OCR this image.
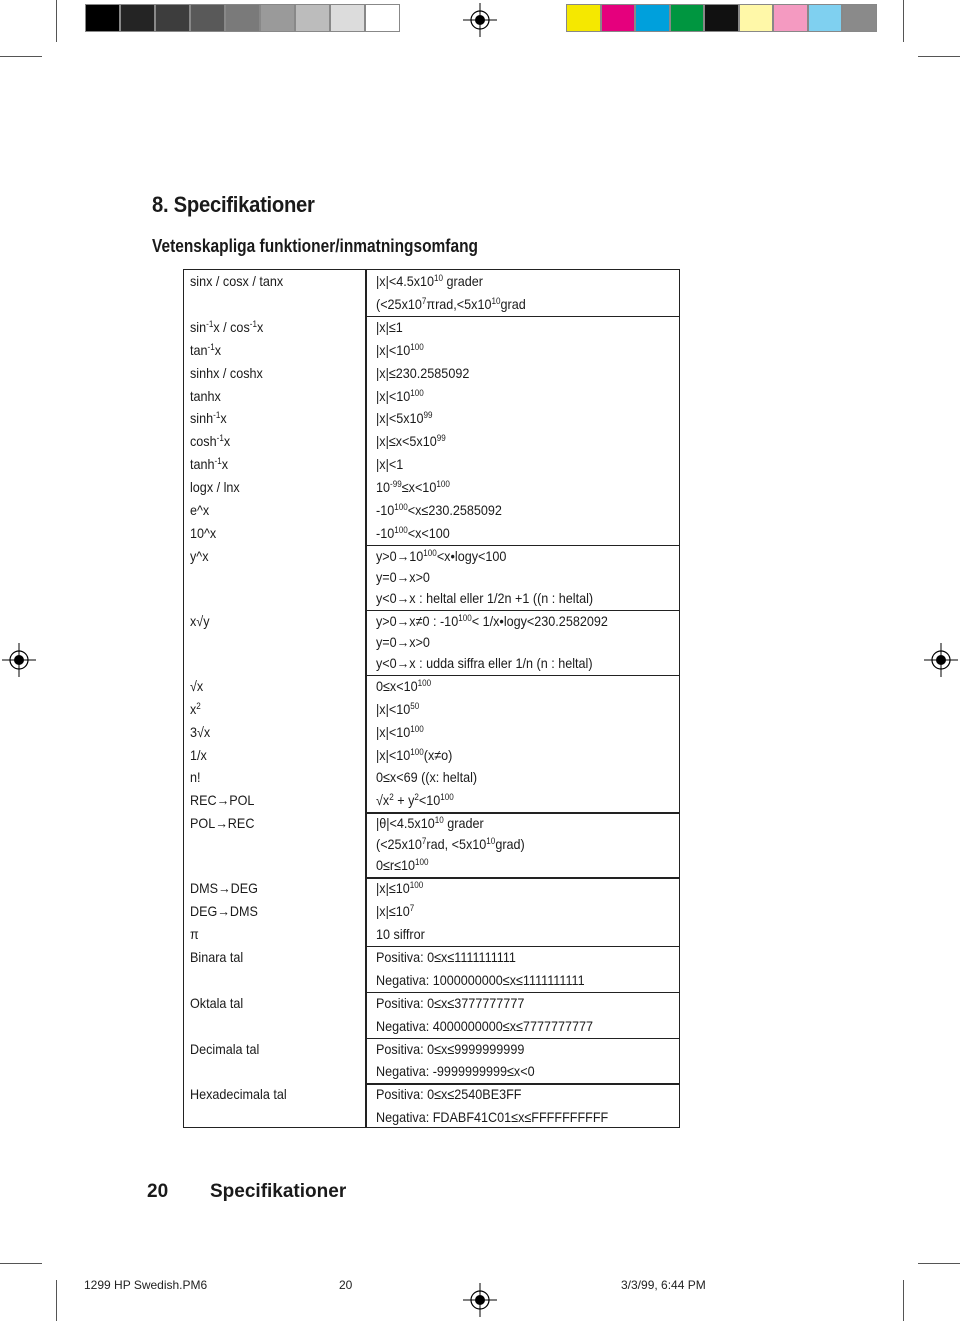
8. Specifikationer
Vetenskapliga funktioner/inmatningsomfang
sinx / cosx / tanx	$|x|<4.5x10^{10}$ grader
($<25x10^7\pi rad,<5x10^{10}grad$
$\sin^{-1}x / \cos^{-1}x$	|x|≤1
$\tan^{-1}x$	$|x|<10^{100}$
sinhx / coshx	|x|≤230.2585092
tanhx	$|x|<10^{100}$
$\sinh^{-1}x$	$|x|<5x10^{99}$
$\cosh^{-1}x$	$|x|\le x<5x10^{99}$
$\tanh^{-1}x$	|x|<1
logx / lnx	$10^{-99}\le x<10^{100}$
e^x	$-10^{100}<x\le 230.2585092$
10^x	$-10^{100}<x<100$
y^x	$y>0\to 10^{100}<x•\log y<100$
y=0→x>0
y<0→x : heltal eller 1/2n +1 ((n : heltal)
x√y	y>0→x≠0 : $-10^{100}<$ 1/x•logy<230.2582092
y=0→x>0
y<0→x : udda siffra eller 1/n (n : heltal)
√x	$0\le x<10^{100}$
$x^2$	$|x|<10^{50}$
3√x	$|x|<10^{100}$
1/x	$|x|<10^{100}(x\ne o)$
n!	0≤x<69 ((x: heltal)
REC→POL	$√x^2 + y^2<10^{100}$
POL→REC	$|\theta|<4.5x10^{10}$ grader
($<25x10^7rad$, $<5x10^{10}grad$)
$0\le r\le 10^{100}$
DMS→DEG	$|x|\le 10^{100}$
DEG→DMS	$|x|\le 10^7$
π	10 siffror
Binara tal	Positiva: 0≤x≤1111111111
Negativa: 1000000000≤x≤1111111111
Oktala tal	Positiva: 0≤x≤3777777777
Negativa: 4000000000≤x≤7777777777
Decimala tal	Positiva: 0≤x≤9999999999
Negativa: -9999999999≤x<0
Hexadecimala tal	Positiva: 0≤x≤2540BE3FF
Negativa: FDABF41C01≤x≤FFFFFFFFFF
20 Specifikationer
1299 HP Swedish.PM6	20	3/3/99, 6:44 PM
